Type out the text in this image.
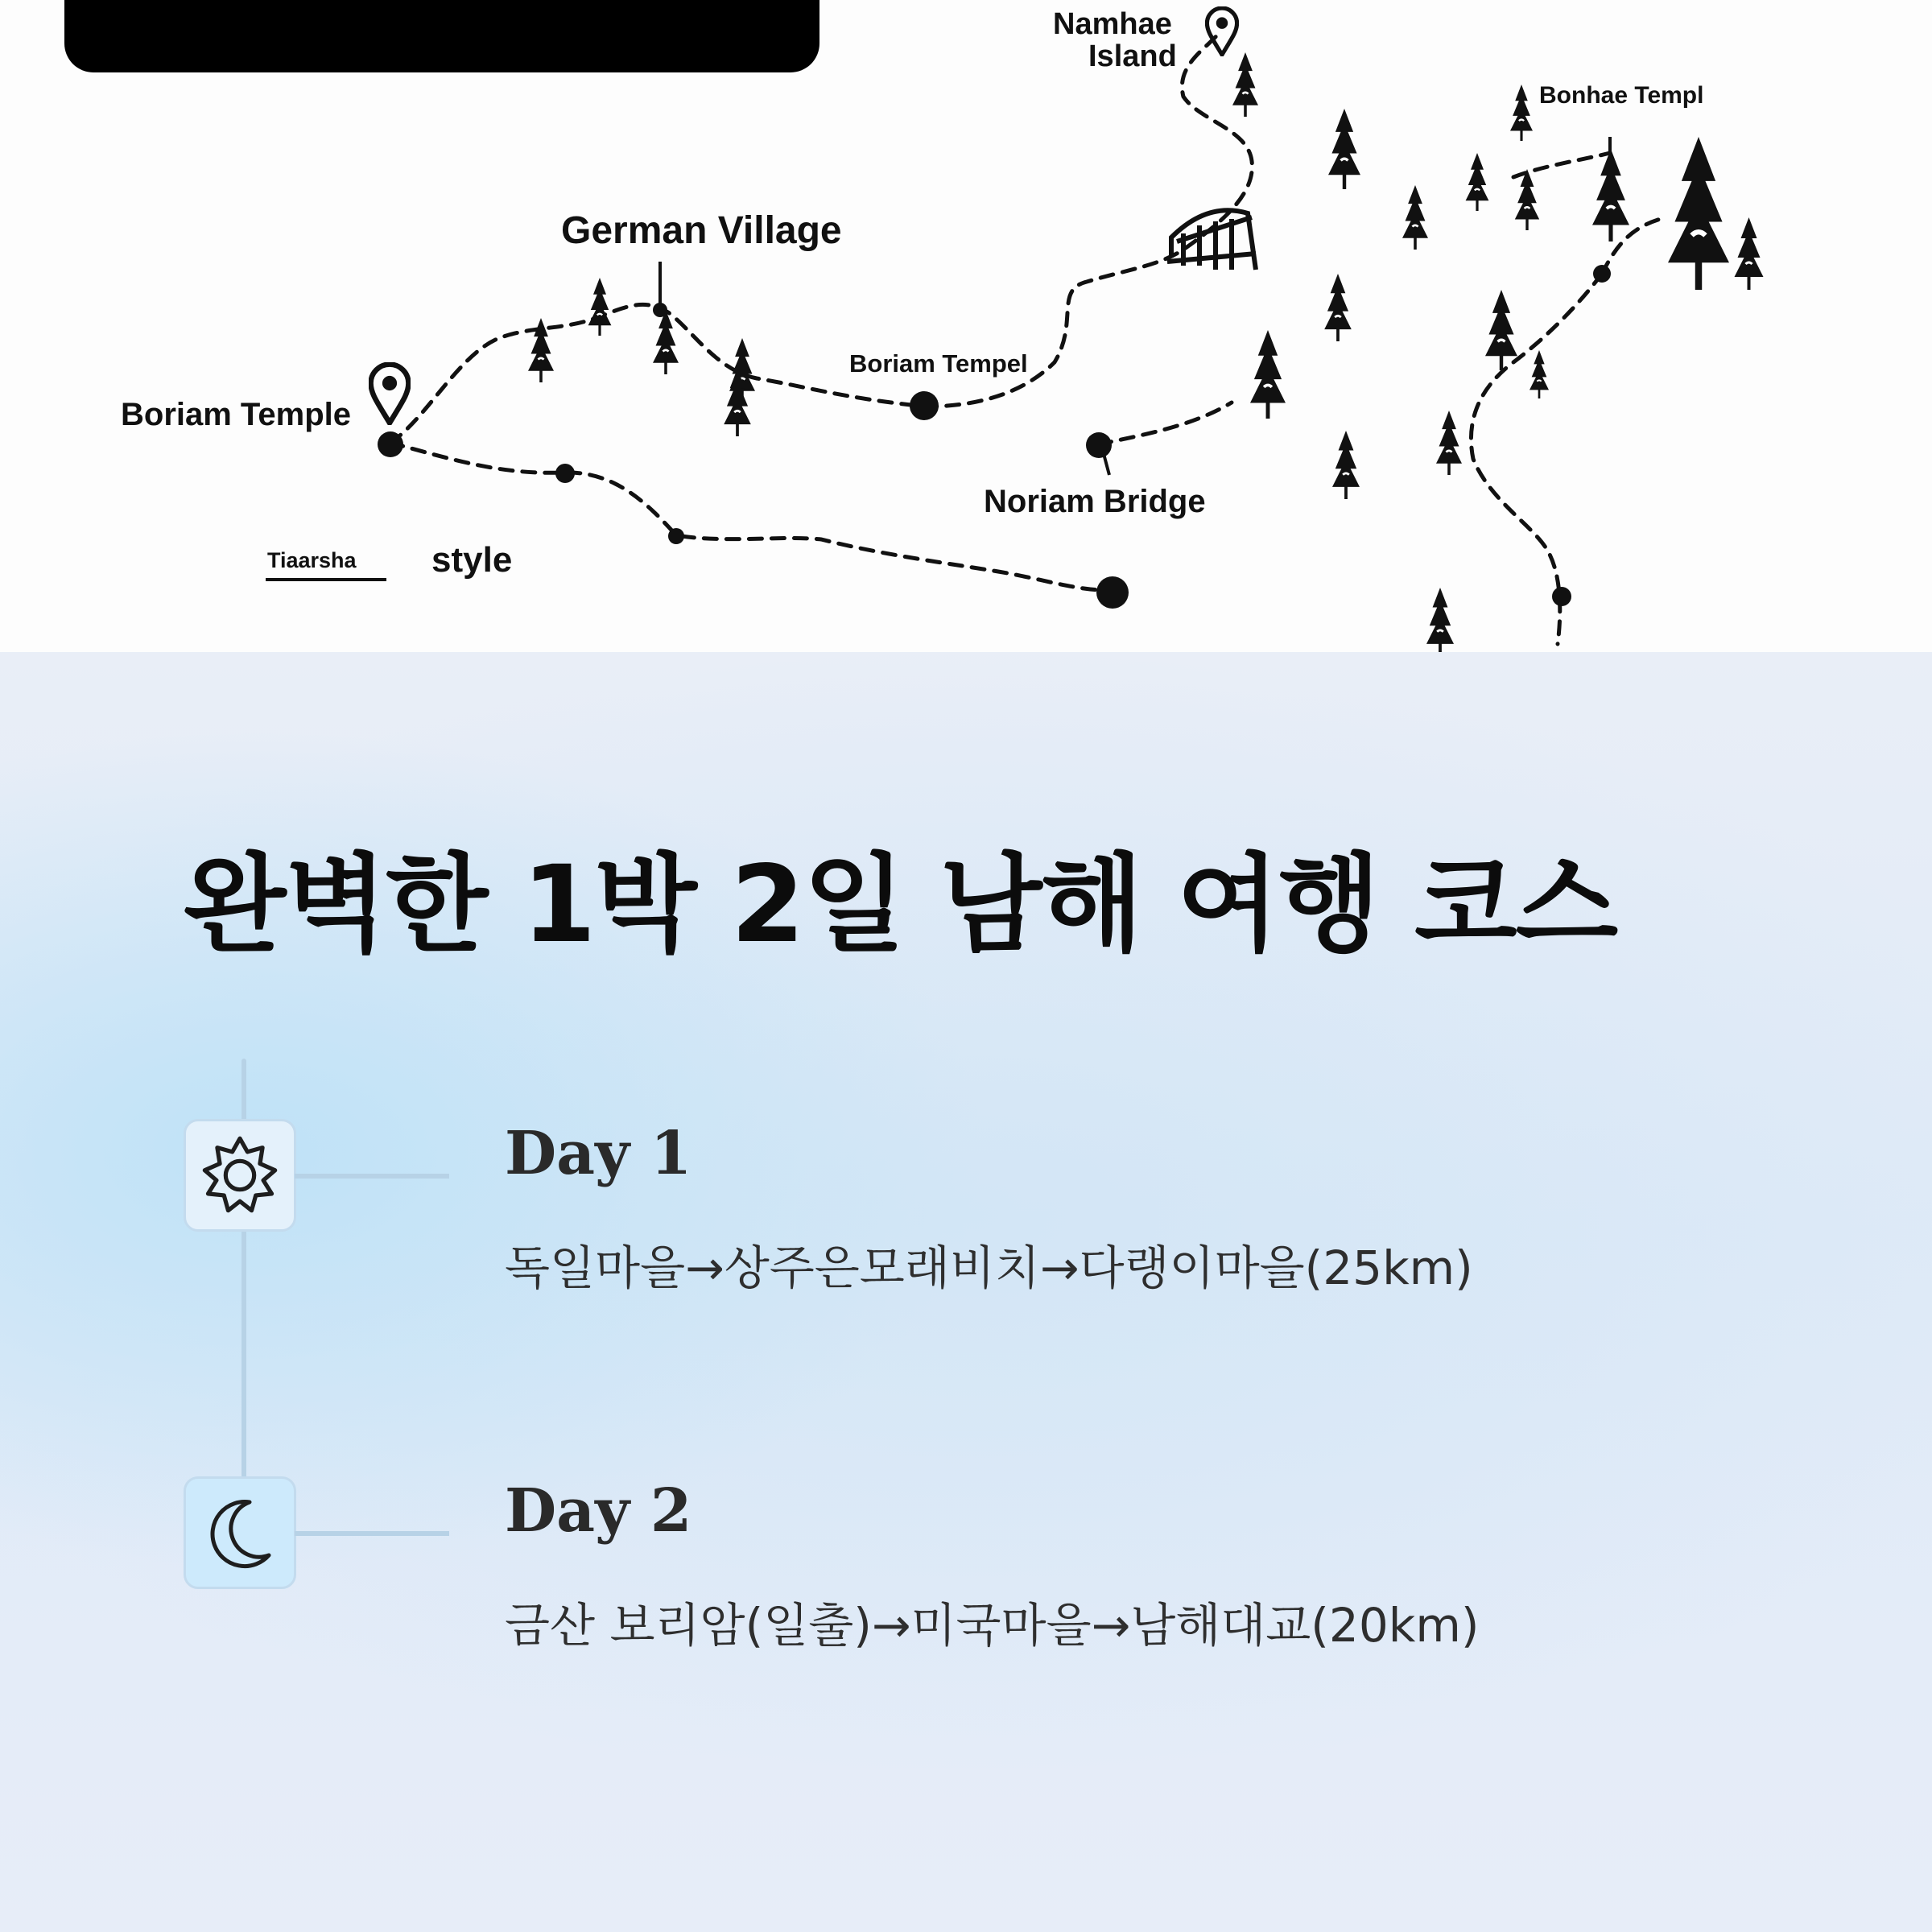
Namhae
Island
Bonhae Templ
German Village
Boriam Tempel
Boriam Temple
Noriam Bridge
Tiaarsha style
완벽한 1박 2일 남해 여행 코스
Day 1

독일마을→상주은모래비치→다랭이마을(25km)

Day 2

금산 보리암(일출)→미국마을→남해대교(20km)
